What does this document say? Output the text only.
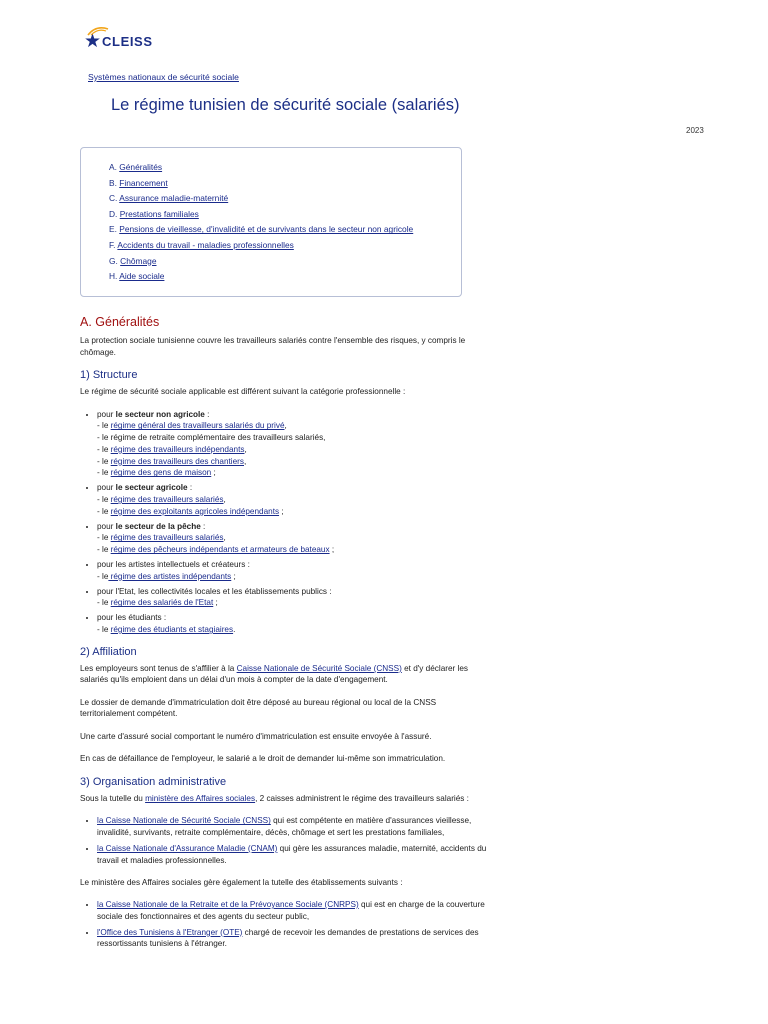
★ CLEISS
Systèmes nationaux de sécurité sociale
Le régime tunisien de sécurité sociale (salariés)
2023
A. Généralités
B. Financement
C. Assurance maladie-maternité
D. Prestations familiales
E. Pensions de vieillesse, d'invalidité et de survivants dans le secteur non agricole
F. Accidents du travail - maladies professionnelles
G. Chômage
H. Aide sociale
A. Généralités

La protection sociale tunisienne couvre les travailleurs salariés contre l'ensemble des risques, y compris le chômage.

1) Structure

Le régime de sécurité sociale applicable est différent suivant la catégorie professionnelle :

• pour le secteur non agricole :
- le régime général des travailleurs salariés du privé,
- le régime de retraite complémentaire des travailleurs salariés,
- le régime des travailleurs indépendants,
- le régime des travailleurs des chantiers,
- le régime des gens de maison ;
• pour le secteur agricole :
- le régime des travailleurs salariés,
- le régime des exploitants agricoles indépendants ;
• pour le secteur de la pêche :
- le régime des travailleurs salariés,
- le régime des pêcheurs indépendants et armateurs de bateaux ;
• pour les artistes intellectuels et créateurs :
- le régime des artistes indépendants ;
• pour l'Etat, les collectivités locales et les établissements publics :
- le régime des salariés de l'Etat ;
• pour les étudiants :
- le régime des étudiants et stagiaires.
2) Affiliation

Les employeurs sont tenus de s'affilier à la Caisse Nationale de Sécurité Sociale (CNSS) et d'y déclarer les salariés qu'ils emploient dans un délai d'un mois à compter de la date d'engagement.

Le dossier de demande d'immatriculation doit être déposé au bureau régional ou local de la CNSS territorialement compétent.

Une carte d'assuré social comportant le numéro d'immatriculation est ensuite envoyée à l'assuré.

En cas de défaillance de l'employeur, le salarié a le droit de demander lui-même son immatriculation.

3) Organisation administrative

Sous la tutelle du ministère des Affaires sociales, 2 caisses administrent le régime des travailleurs salariés :

• la Caisse Nationale de Sécurité Sociale (CNSS) qui est compétente en matière d'assurances vieillesse, invalidité, survivants, retraite complémentaire, décès, chômage et sert les prestations familiales,
• la Caisse Nationale d'Assurance Maladie (CNAM) qui gère les assurances maladie, maternité, accidents du travail et maladies professionnelles.

Le ministère des Affaires sociales gère également la tutelle des établissements suivants :

• la Caisse Nationale de la Retraite et de la Prévoyance Sociale (CNRPS) qui est en charge de la couverture sociale des fonctionnaires et des agents du secteur public,
• l'Office des Tunisiens à l'Etranger (OTE) chargé de recevoir les demandes de prestations de services des ressortissants tunisiens à l'étranger.
